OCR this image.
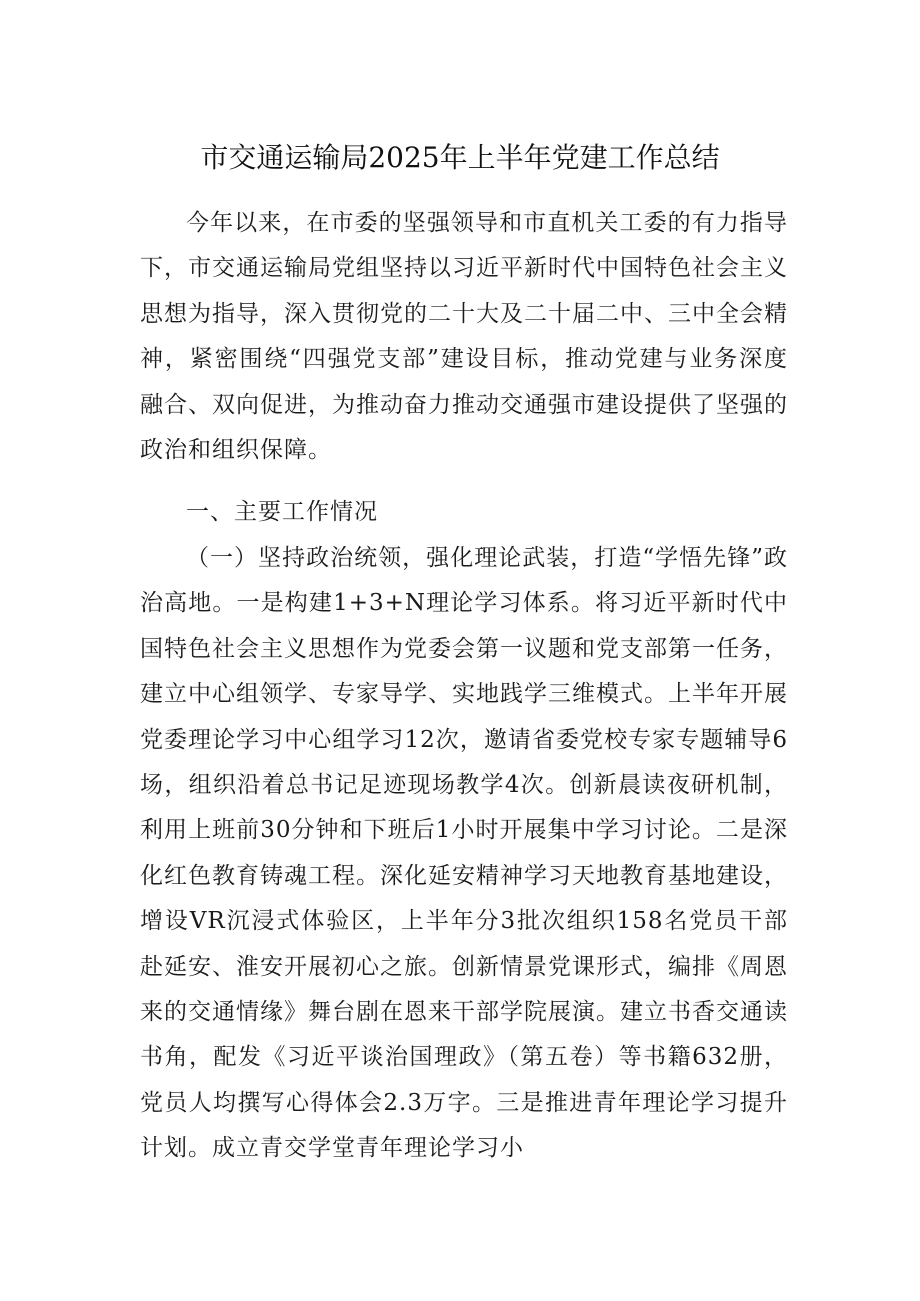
市交通运输局2025年上半年党建工作总结

今年以来，在市委的坚强领导和市直机关工委的有力指导下，市交通运输局党组坚持以习近平新时代中国特色社会主义思想为指导，深入贯彻党的二十大及二十届二中、三中全会精神，紧密围绕“四强党支部”建设目标，推动党建与业务深度融合、双向促进，为推动奋力推动交通强市建设提供了坚强的政治和组织保障。

一、主要工作情况

（一）坚持政治统领，强化理论武装，打造“学悟先锋”政治高地。一是构建1+3+N理论学习体系。将习近平新时代中国特色社会主义思想作为党委会第一议题和党支部第一任务，建立中心组领学、专家导学、实地践学三维模式。上半年开展党委理论学习中心组学习12次，邀请省委党校专家专题辅导6场，组织沿着总书记足迹现场教学4次。创新晨读夜研机制，利用上班前30分钟和下班后1小时开展集中学习讨论。二是深化红色教育铸魂工程。深化延安精神学习天地教育基地建设，增设VR沉浸式体验区，上半年分3批次组织158名党员干部赴延安、淮安开展初心之旅。创新情景党课形式，编排《周恩来的交通情缘》舞台剧在恩来干部学院展演。建立书香交通读书角，配发《习近平谈治国理政》（第五卷）等书籍632册，党员人均撰写心得体会2.3万字。三是推进青年理论学习提升计划。成立青交学堂青年理论学习小
